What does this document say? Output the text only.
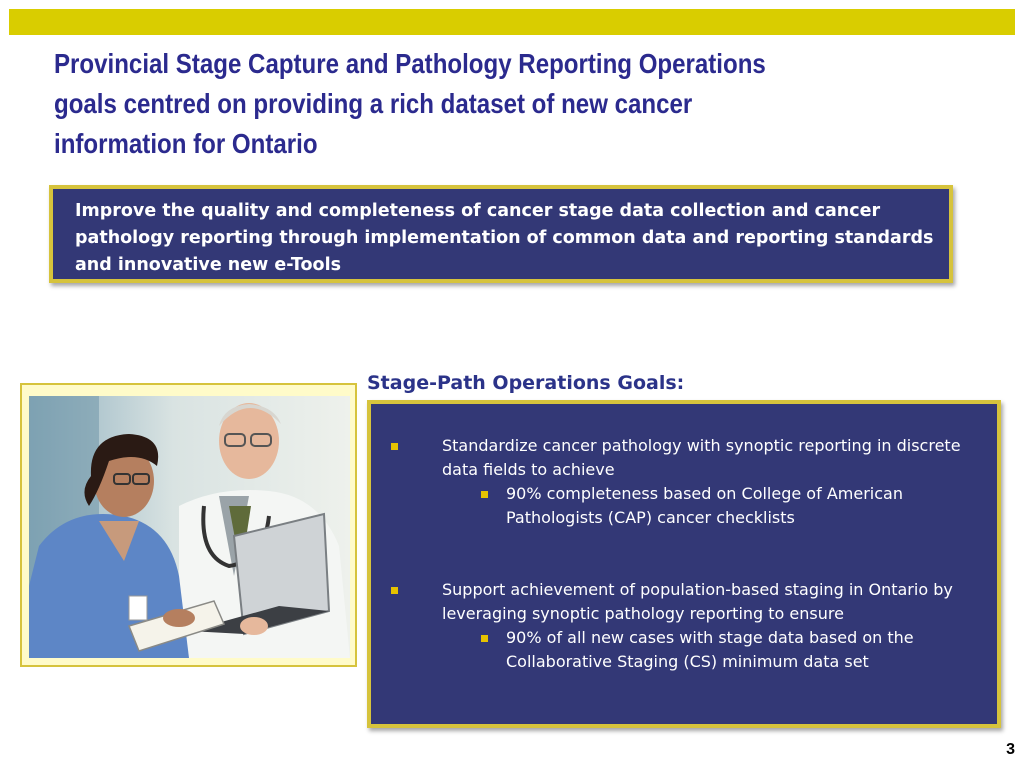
Provincial Stage Capture and Pathology Reporting Operations
goals centred on providing a rich dataset of new cancer
information for Ontario

Improve the quality and completeness of cancer stage data collection and cancer pathology reporting through implementation of common data and reporting standards and innovative new e-Tools

Stage-Path Operations Goals:
Standardize cancer pathology with synoptic reporting in discrete data fields to achieve
90% completeness based on College of American Pathologists (CAP) cancer checklists
Support achievement of population-based staging in Ontario by leveraging synoptic pathology reporting to ensure
90% of all new cases with stage data based on the Collaborative Staging (CS) minimum data set
3
